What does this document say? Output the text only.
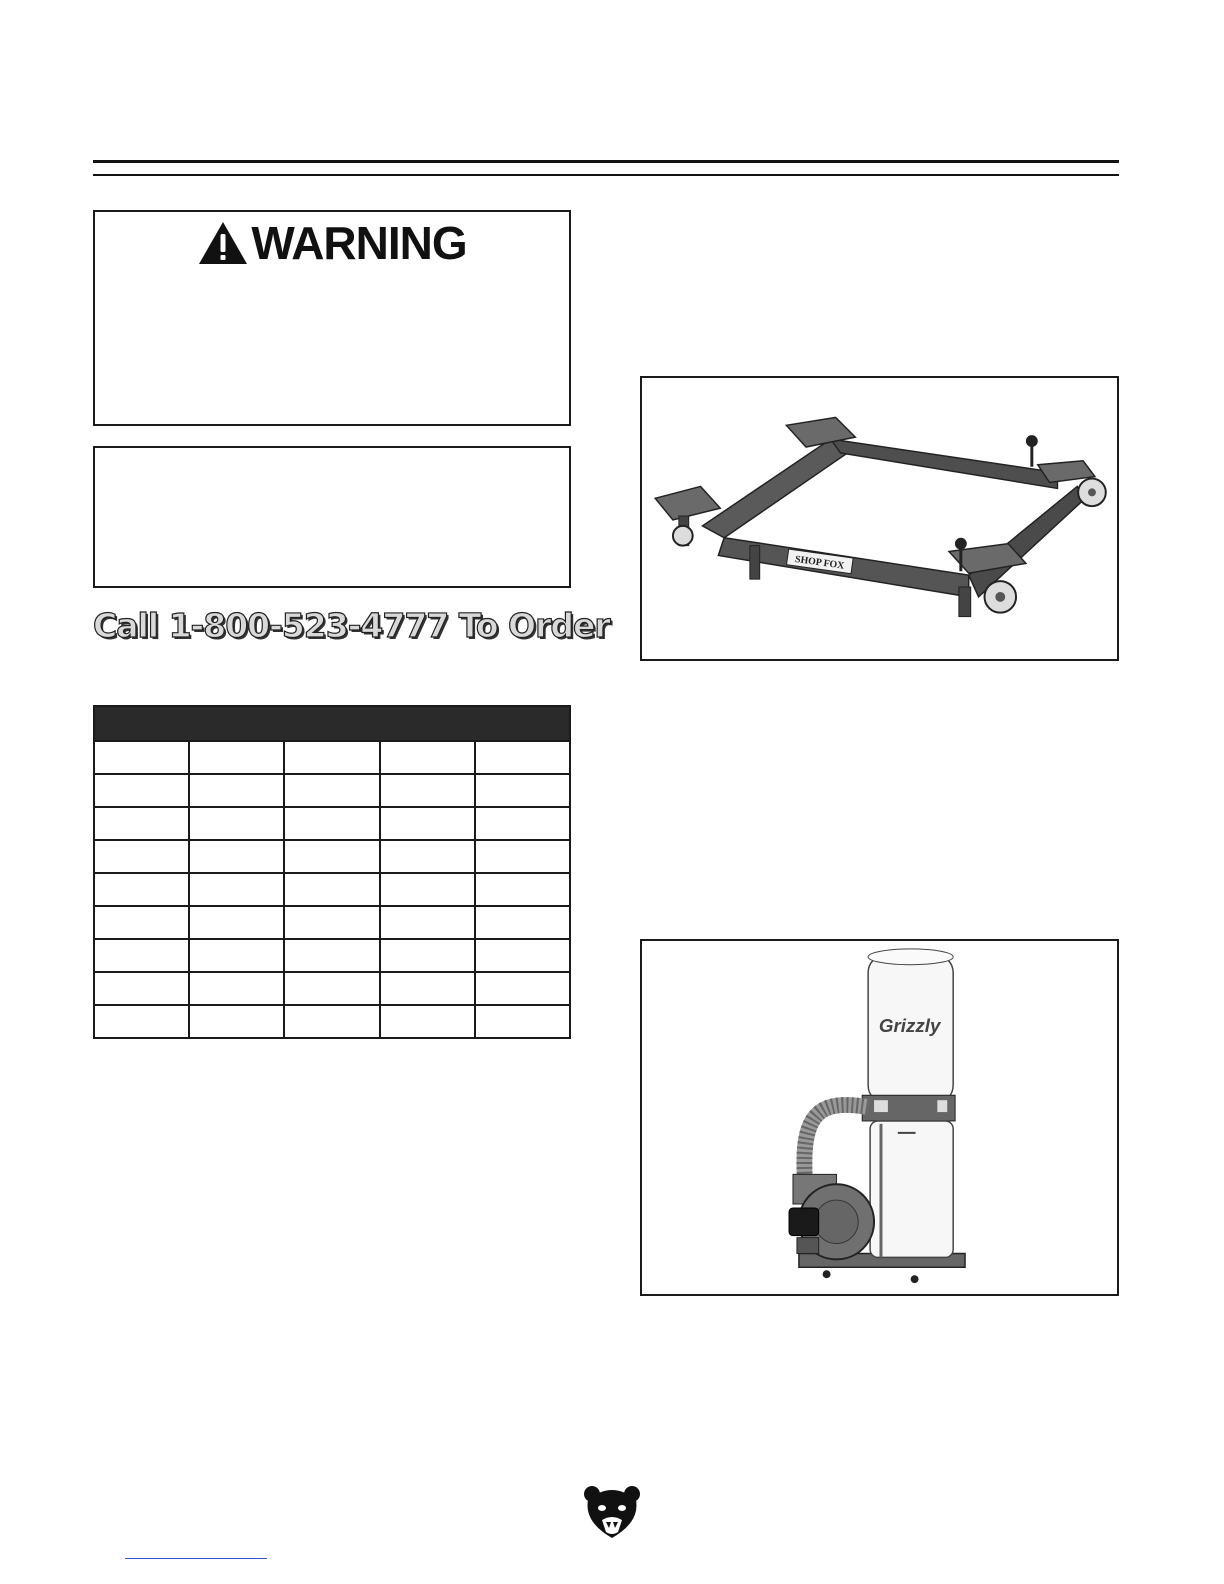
WARNING
Call 1-800-523-4777 To Order

SHOP FOX
Grizzly
